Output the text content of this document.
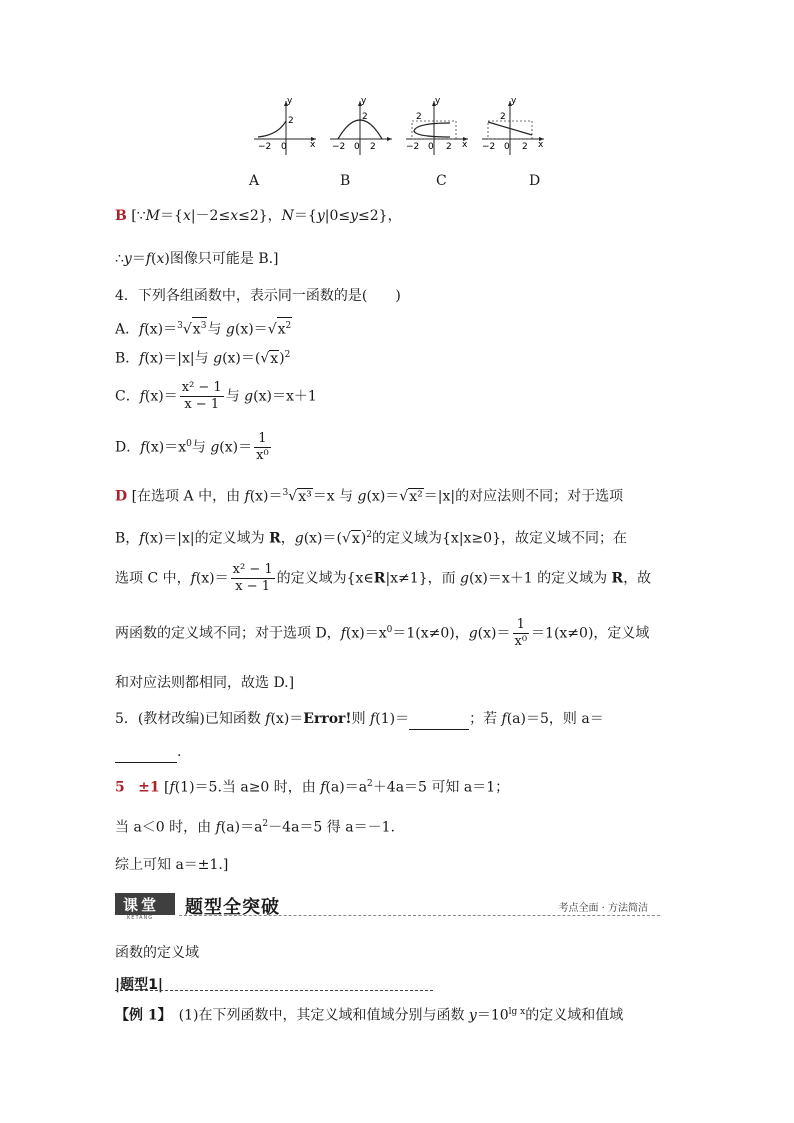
y
x
2
−2 0
y
2
−2 0 2
y
x
2
−2 0 2
y
x
2
−2 0 2
A	B	C	D
B [∵M＝{x|－2≤x≤2}，N＝{y|0≤y≤2}，
∴y＝f(x)图像只可能是 B.]
4．下列各组函数中，表示同一函数的是(　　)
A．$f(x)=^3√x^3$与 $g(x)=√x^2$
B．f(x)＝|x|与 $g(x)=(√x)^2$
C．$f(x)= \frac{\text{x² − 1}}{x - 1}$ 与 g(x)＝x＋1
D．$f(x)=x^0$与 $g(x)= \frac{1}{\text{x⁰}}$
D [在选项 A 中，由 f(x)＝$^3$√x³＝x 与 g(x)＝√x²＝|x|的对应法则不同；对于选项
B，f(x)＝|x|的定义域为 R，$g(x)=(√x)^2$的定义域为{x|x≥0}，故定义域不同；在
选项 C 中，$f(x)= \frac{\text{x² − 1}}{x - 1}$ 的定义域为{x∈R|x≠1}，而 g(x)＝x＋1 的定义域为 R，故
两函数的定义域不同；对于选项 D，$f(x)=x^0=1(x\ne 0)$，$g(x)= \frac{1}{\text{x⁰}} =1(x\ne 0)$，定义域
和对应法则都相同，故选 D.]
5．(教材改编)已知函数 f(x)＝Error!则 f(1)＝	；若 f(a)＝5，则 a＝
.
5 ±1 [f(1)＝5.当 a≥0 时，由 $f(a)=a^2+4a=5$ 可知 a＝1；
当 a＜0 时，由 $f(a)=a^2-4a=5$ 得 a＝－1.
综上可知 a＝±1.]
课堂
KETANG 题型全突破	考点全面 · 方法简洁
函数的定义域
|题型1|
【例 1】　(1)在下列函数中，其定义域和值域分别与函数 $y=10^{lg x}$的定义域和值域
